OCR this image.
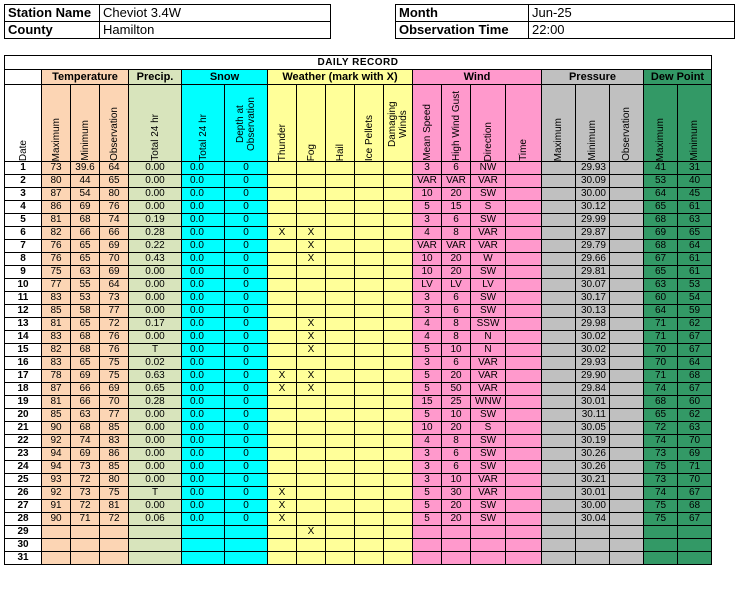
Station Name	Cheviot 3.4W
County	Hamilton
Month	Jun-25
Observation Time	22:00
DAILY RECORD																				
	Temperature			Precip.	Snow		Weather (mark with X)					Wind				Pressure			Dew Point	

Date	Maximum	Minimum	Observation	Total 24 hr	Total 24 hr	Depth at Observation	Thunder	Fog	Hail	Ice Pellets	Damaging Winds	Mean Speed	High Wind Gust	Direction	Time	Maximum	Minimum	Observation	Maximum	Minimum

1	73	39.6	64	0.00	0.0	0						3	6	NW			29.93		41	31
2	80	44	65	0.00	0.0	0						VAR	VAR	VAR			30.09		53	40
3	87	54	80	0.00	0.0	0						10	20	SW			30.00		64	45
4	86	69	76	0.00	0.0	0						5	15	S			30.12		65	61
5	81	68	74	0.19	0.0	0						3	6	SW			29.99		68	63
6	82	66	66	0.28	0.0	0	X	X				4	8	VAR			29.87		69	65
7	76	65	69	0.22	0.0	0		X				VAR	VAR	VAR			29.79		68	64
8	76	65	70	0.43	0.0	0		X				10	20	W			29.66		67	61
9	75	63	69	0.00	0.0	0						10	20	SW			29.81		65	61
10	77	55	64	0.00	0.0	0						LV	LV	LV			30.07		63	53
11	83	53	73	0.00	0.0	0						3	6	SW			30.17		60	54
12	85	58	77	0.00	0.0	0						3	6	SW			30.13		64	59
13	81	65	72	0.17	0.0	0		X				4	8	SSW			29.98		71	62
14	83	68	76	0.00	0.0	0		X				4	8	N			30.02		71	67
15	82	68	76	T	0.0	0		X				5	10	N			30.02		70	67
16	83	65	75	0.02	0.0	0						3	6	VAR			29.93		70	64
17	78	69	75	0.63	0.0	0	X	X				5	20	VAR			29.90		71	68
18	87	66	69	0.65	0.0	0	X	X				5	50	VAR			29.84		74	67
19	81	66	70	0.28	0.0	0						15	25	WNW			30.01		68	60
20	85	63	77	0.00	0.0	0						5	10	SW			30.11		65	62
21	90	68	85	0.00	0.0	0						10	20	S			30.05		72	63
22	92	74	83	0.00	0.0	0						4	8	SW			30.19		74	70
23	94	69	86	0.00	0.0	0						3	6	SW			30.26		73	69
24	94	73	85	0.00	0.0	0						3	6	SW			30.26		75	71
25	93	72	80	0.00	0.0	0						3	10	VAR			30.21		73	70
26	92	73	75	T	0.0	0	X					5	30	VAR			30.01		74	67
27	91	72	81	0.00	0.0	0	X					5	20	SW			30.00		75	68
28	90	71	72	0.06	0.0	0	X					5	20	SW			30.04		75	67
29								X												
30																				
31																				
